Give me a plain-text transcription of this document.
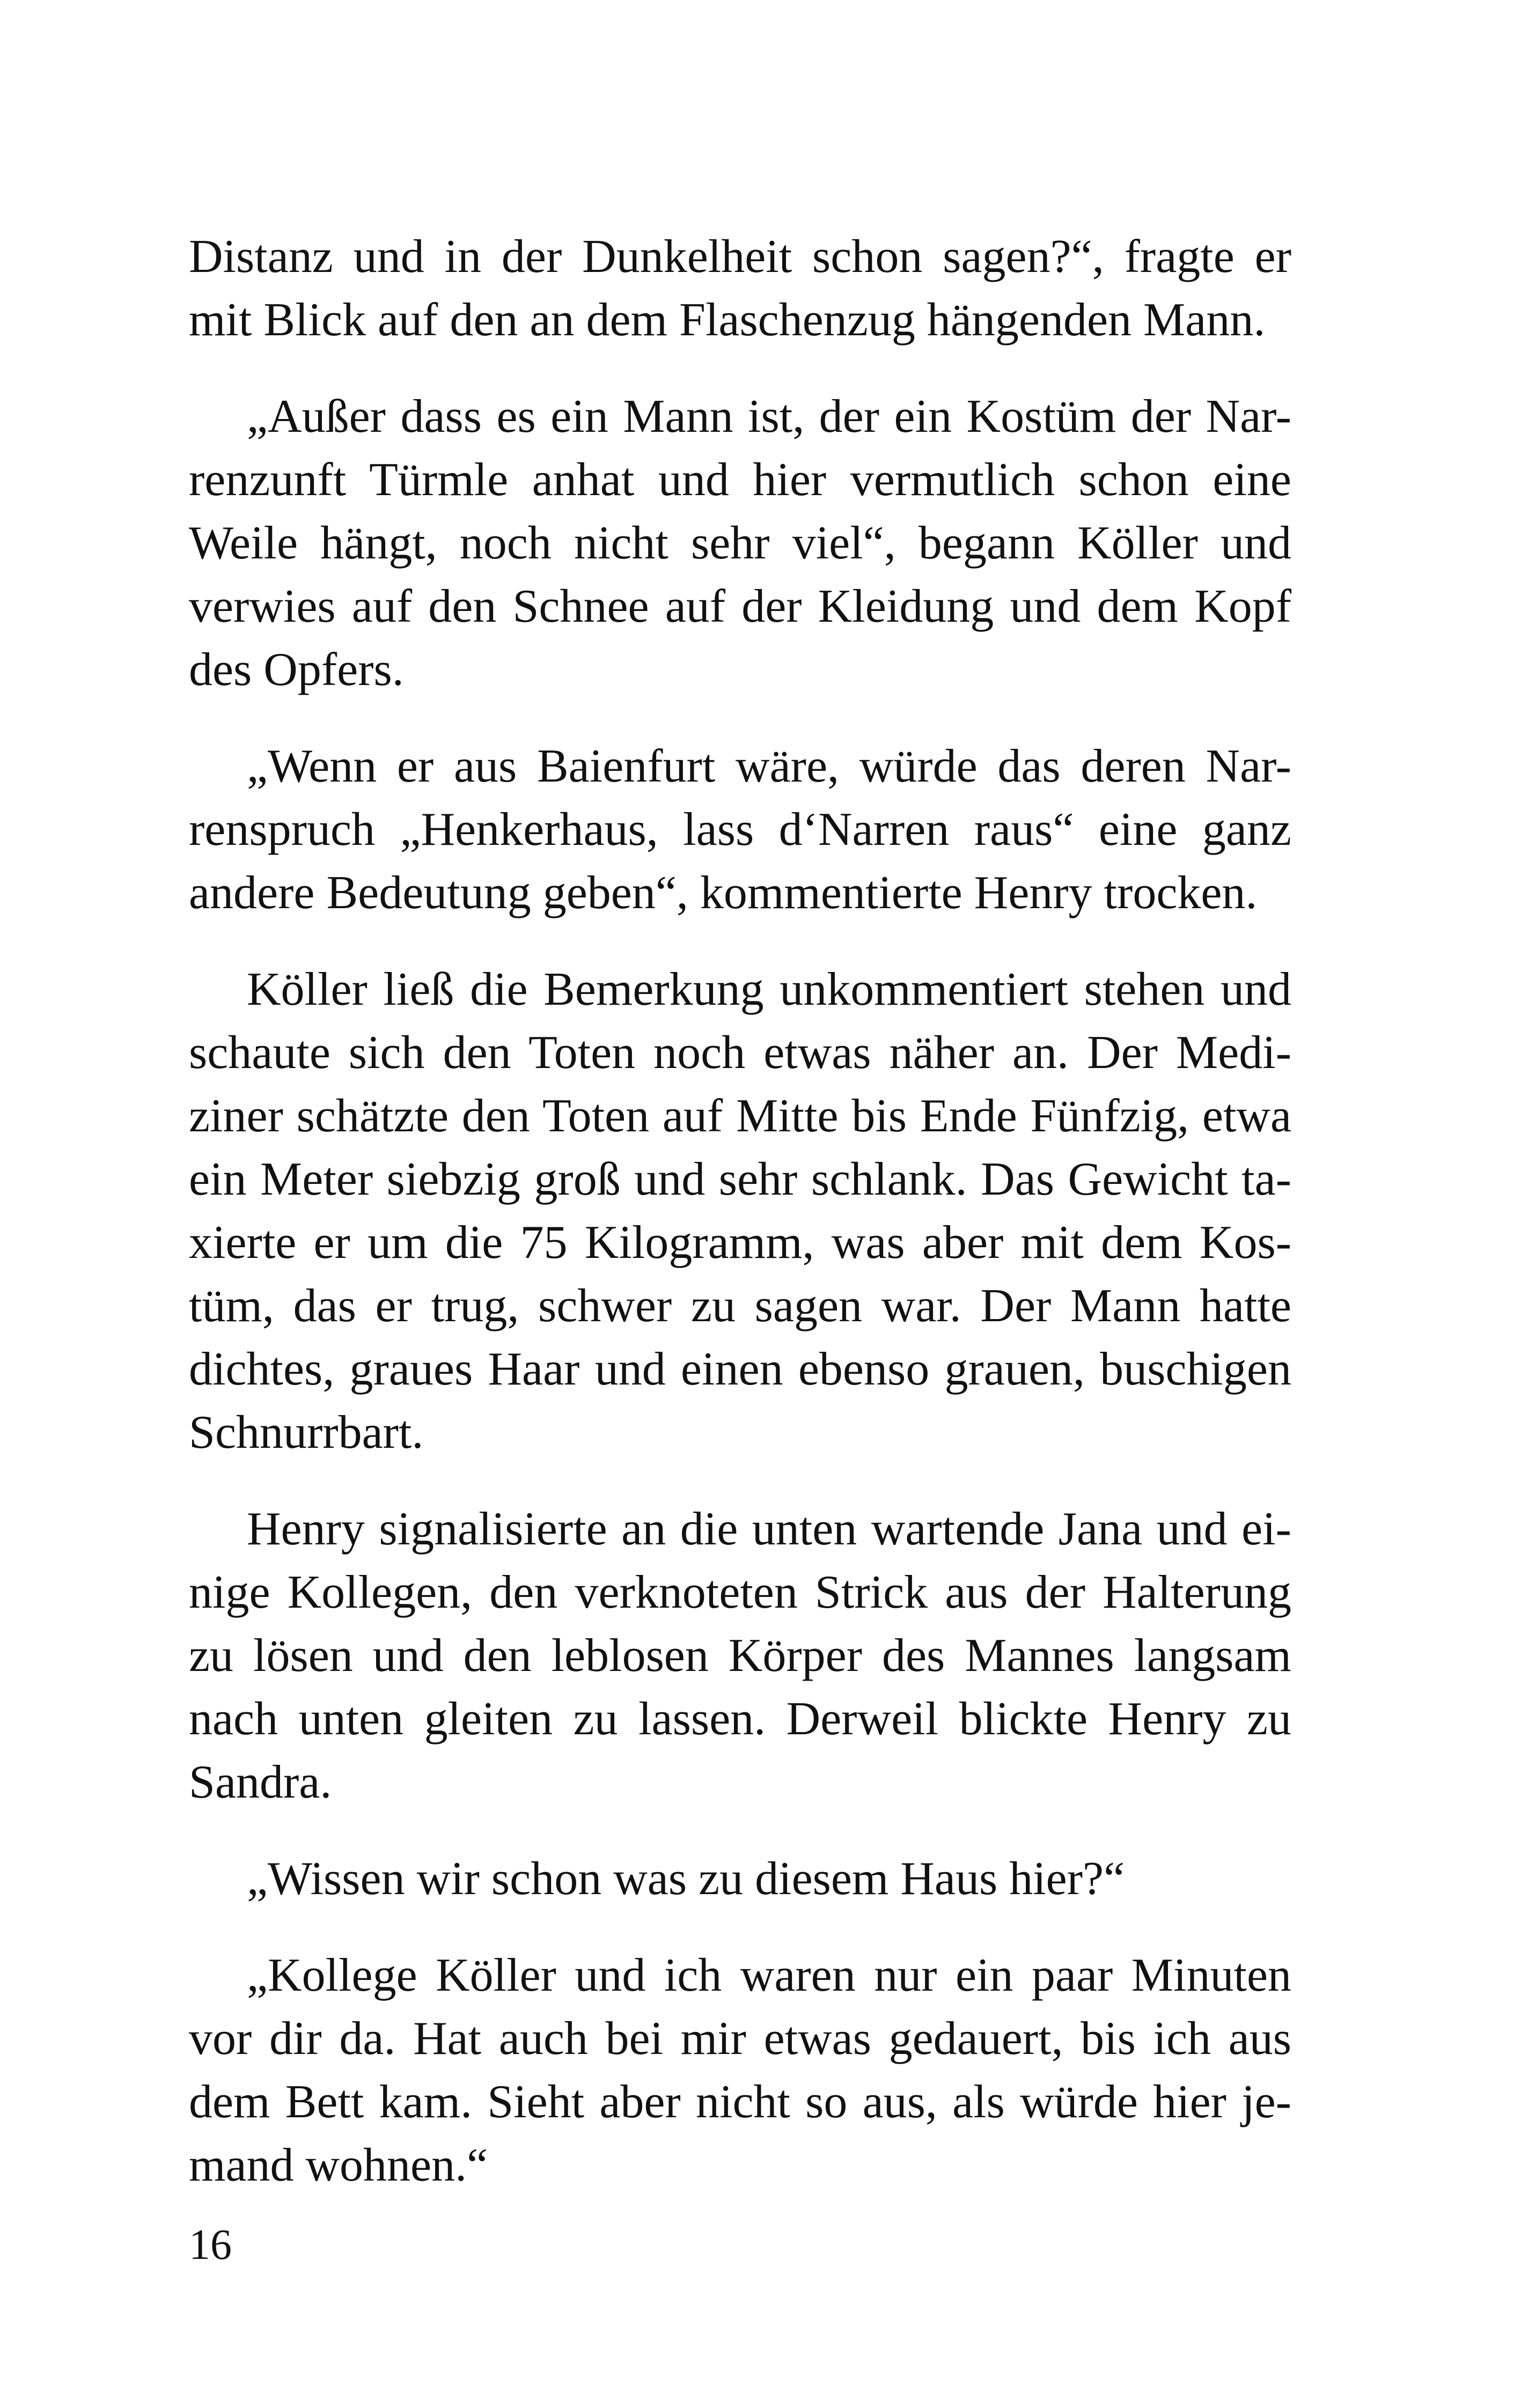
Distanz und in der Dunkelheit schon sagen?“, fragte er
mit Blick auf den an dem Flaschenzug hängenden Mann.
„Außer dass es ein Mann ist, der ein Kostüm der Nar-
renzunft Türmle anhat und hier vermutlich schon eine
Weile hängt, noch nicht sehr viel“, begann Köller und
verwies auf den Schnee auf der Kleidung und dem Kopf
des Opfers.
„Wenn er aus Baienfurt wäre, würde das deren Nar-
renspruch „Henkerhaus, lass d‘Narren raus“ eine ganz
andere Bedeutung geben“, kommentierte Henry trocken.
Köller ließ die Bemerkung unkommentiert stehen und
schaute sich den Toten noch etwas näher an. Der Medi-
ziner schätzte den Toten auf Mitte bis Ende Fünfzig, etwa
ein Meter siebzig groß und sehr schlank. Das Gewicht ta-
xierte er um die 75 Kilogramm, was aber mit dem Kos-
tüm, das er trug, schwer zu sagen war. Der Mann hatte
dichtes, graues Haar und einen ebenso grauen, buschigen
Schnurrbart.
Henry signalisierte an die unten wartende Jana und ei-
nige Kollegen, den verknoteten Strick aus der Halterung
zu lösen und den leblosen Körper des Mannes langsam
nach unten gleiten zu lassen. Derweil blickte Henry zu
Sandra.
„Wissen wir schon was zu diesem Haus hier?“
„Kollege Köller und ich waren nur ein paar Minuten
vor dir da. Hat auch bei mir etwas gedauert, bis ich aus
dem Bett kam. Sieht aber nicht so aus, als würde hier je-
mand wohnen.“
16
